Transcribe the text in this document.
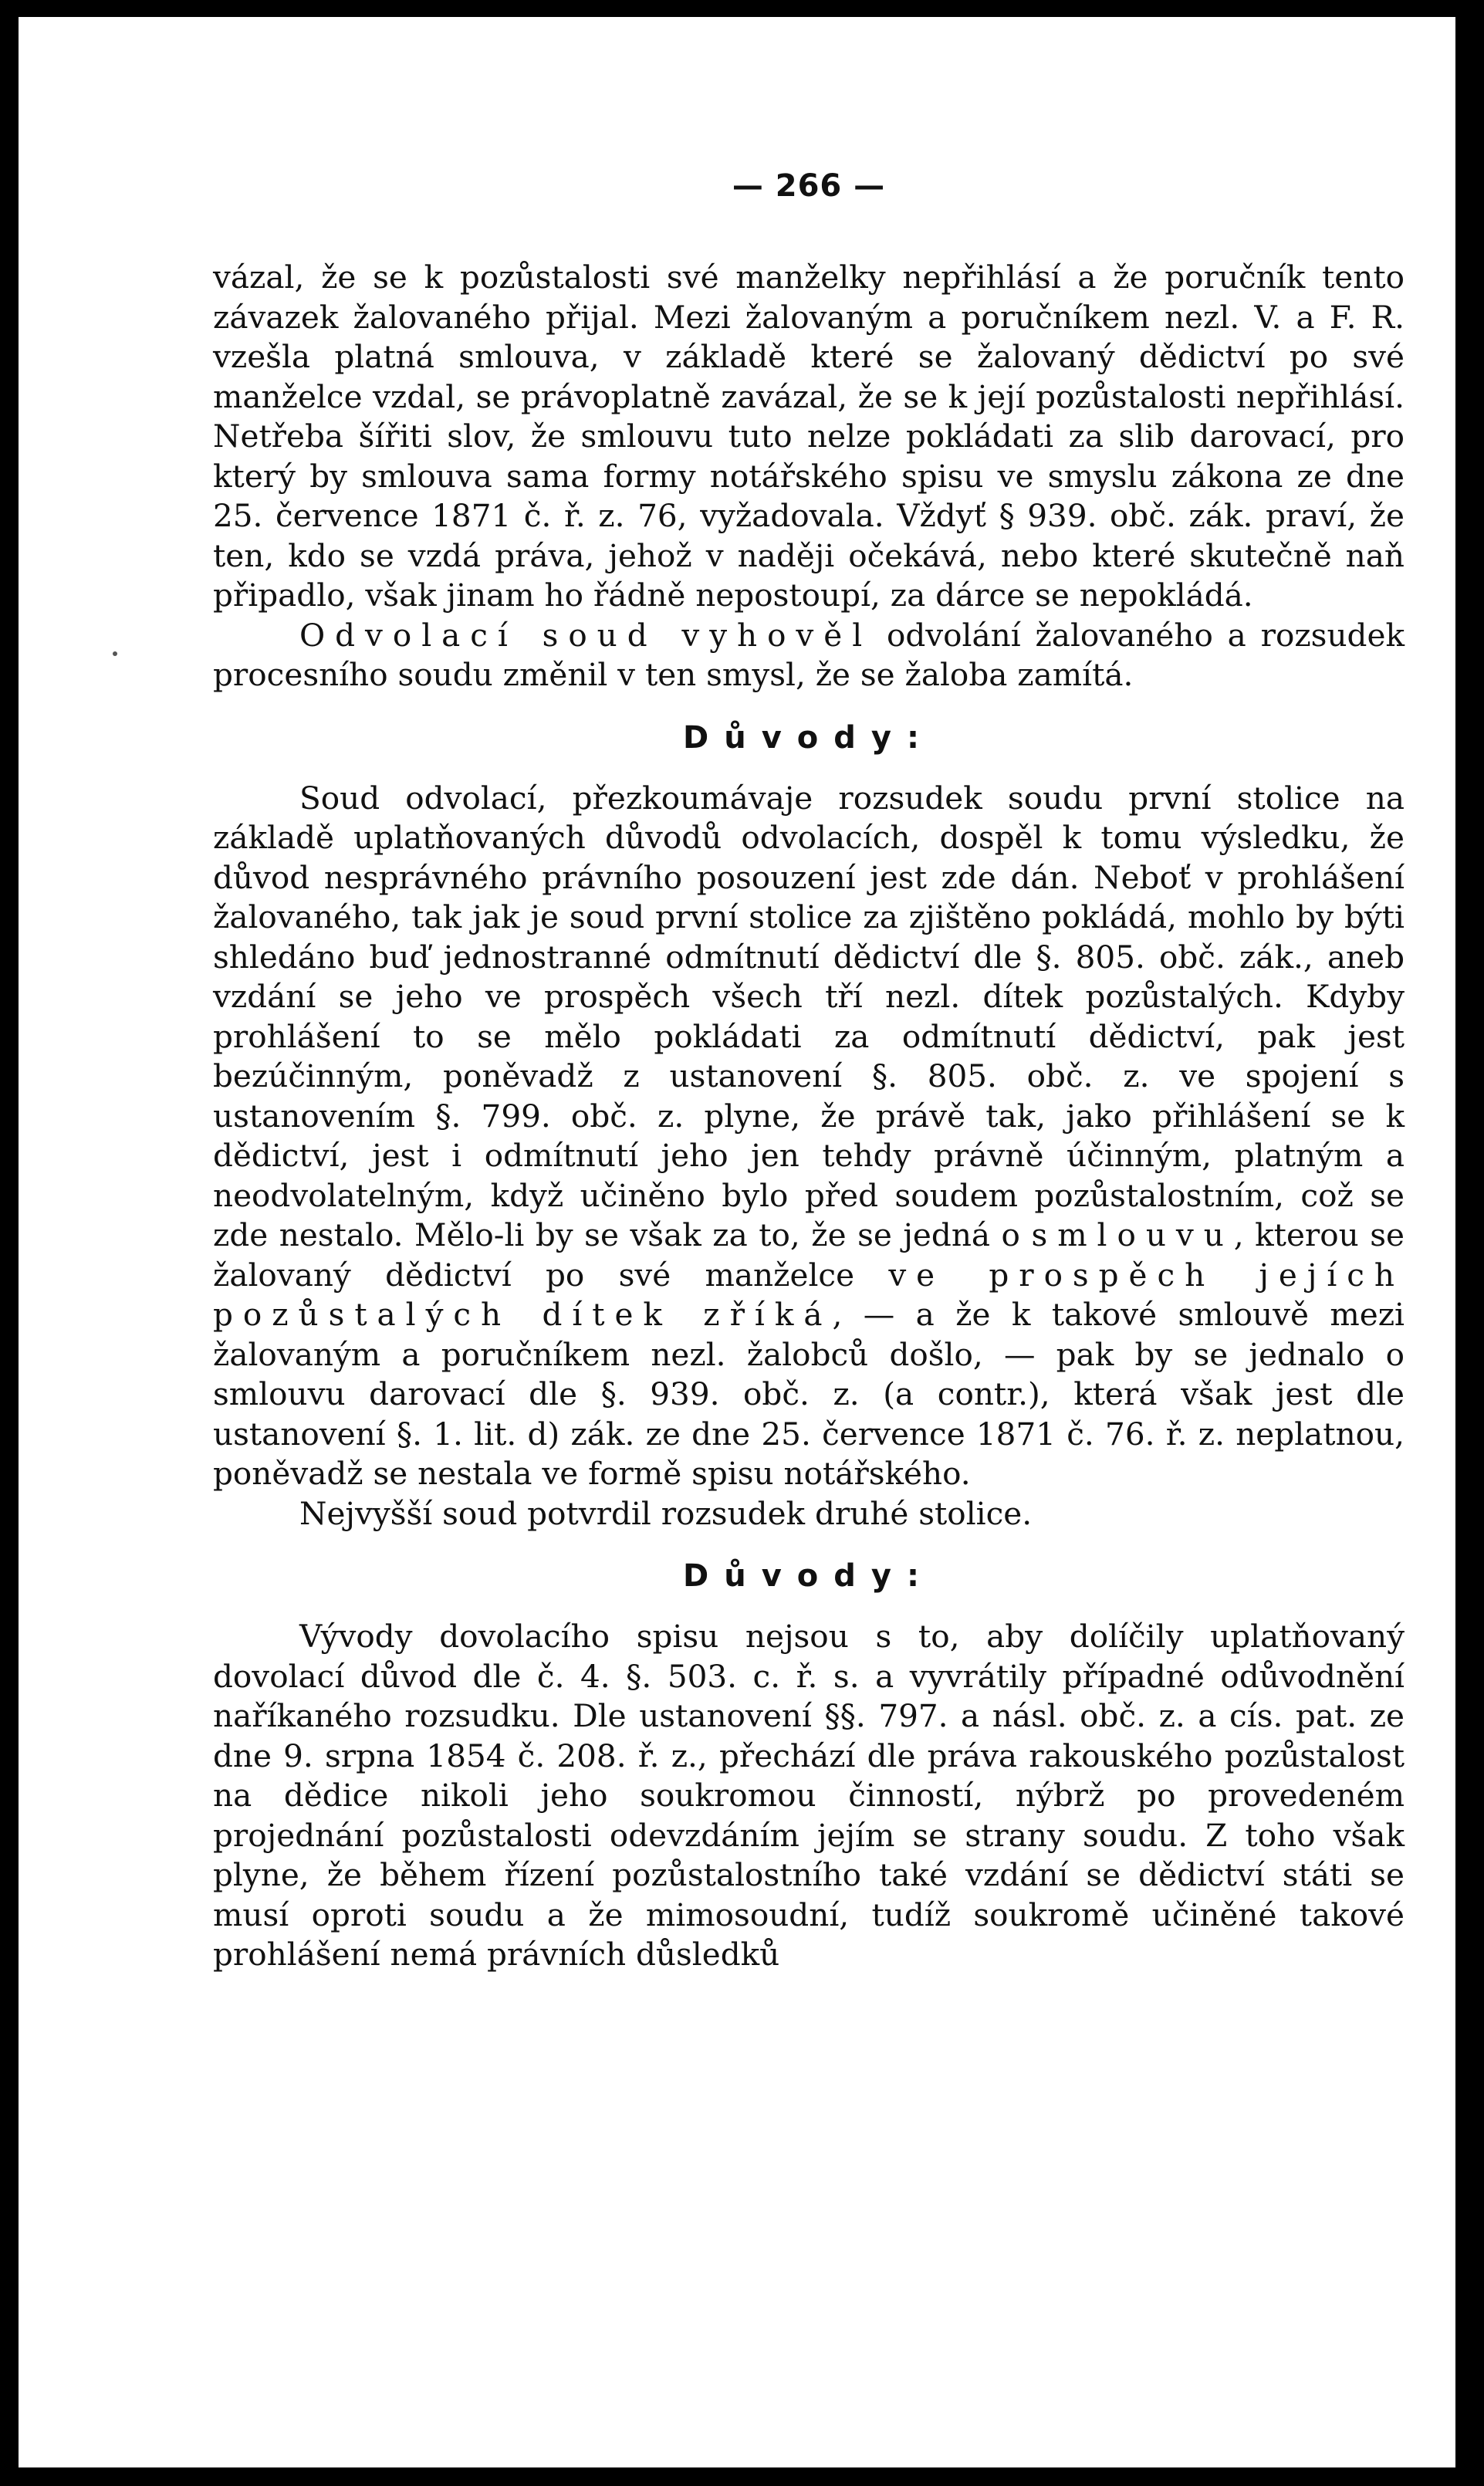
— 266 —

vázal, že se k pozůstalosti své manželky nepřihlásí a že poručník tento závazek žalovaného přijal. Mezi žalovaným a poručníkem nezl. V. a F. R. vzešla platná smlouva, v základě které se žalovaný dědictví po své manželce vzdal, se právoplatně zavázal, že se k její pozůstalosti nepřihlásí. Netřeba šířiti slov, že smlouvu tuto nelze pokládati za slib darovací, pro který by smlouva sama formy notářského spisu ve smyslu zákona ze dne 25. července 1871 č. ř. z. 76, vyžadovala. Vždyť § 939. obč. zák. praví, že ten, kdo se vzdá práva, jehož v naději očekává, nebo které skutečně naň připadlo, však jinam ho řádně nepostoupí, za dárce se nepokládá.

Odvolací soud vyhověl odvolání žalovaného a rozsudek procesního soudu změnil v ten smysl, že se žaloba zamítá.

Důvody:

Soud odvolací, přezkoumávaje rozsudek soudu první stolice na základě uplatňovaných důvodů odvolacích, dospěl k tomu výsledku, že důvod nesprávného právního posouzení jest zde dán. Neboť v prohlášení žalovaného, tak jak je soud první stolice za zjištěno pokládá, mohlo by býti shledáno buď jednostranné odmítnutí dědictví dle §. 805. obč. zák., aneb vzdání se jeho ve prospěch všech tří nezl. dítek pozůstalých. Kdyby prohlášení to se mělo pokládati za odmítnutí dědictví, pak jest bezúčinným, poněvadž z ustanovení §. 805. obč. z. ve spojení s ustanovením §. 799. obč. z. plyne, že právě tak, jako přihlášení se k dědictví, jest i odmítnutí jeho jen tehdy právně účinným, platným a neodvolatelným, když učiněno bylo před soudem pozůstalostním, což se zde nestalo. Mělo-li by se však za to, že se jedná o smlouvu, kterou se žalovaný dědictví po své manželce ve prospěch jejích pozůstalých dítek zříká, — a že k takové smlouvě mezi žalovaným a poručníkem nezl. žalobců došlo, — pak by se jednalo o smlouvu darovací dle §. 939. obč. z. (a contr.), která však jest dle ustanovení §. 1. lit. d) zák. ze dne 25. července 1871 č. 76. ř. z. neplatnou, poněvadž se nestala ve formě spisu notářského.

Nejvyšší soud potvrdil rozsudek druhé stolice.

Důvody:

Vývody dovolacího spisu nejsou s to, aby dolíčily uplatňovaný dovolací důvod dle č. 4. §. 503. c. ř. s. a vyvrátily případné odůvodnění naříkaného rozsudku. Dle ustanovení §§. 797. a násl. obč. z. a cís. pat. ze dne 9. srpna 1854 č. 208. ř. z., přechází dle práva rakouského pozůstalost na dědice nikoli jeho soukromou činností, nýbrž po provedeném projednání pozůstalosti odevzdáním jejím se strany soudu. Z toho však plyne, že během řízení pozůstalostního také vzdání se dědictví státi se musí oproti soudu a že mimosoudní, tudíž soukromě učiněné takové prohlášení nemá právních důsledků
